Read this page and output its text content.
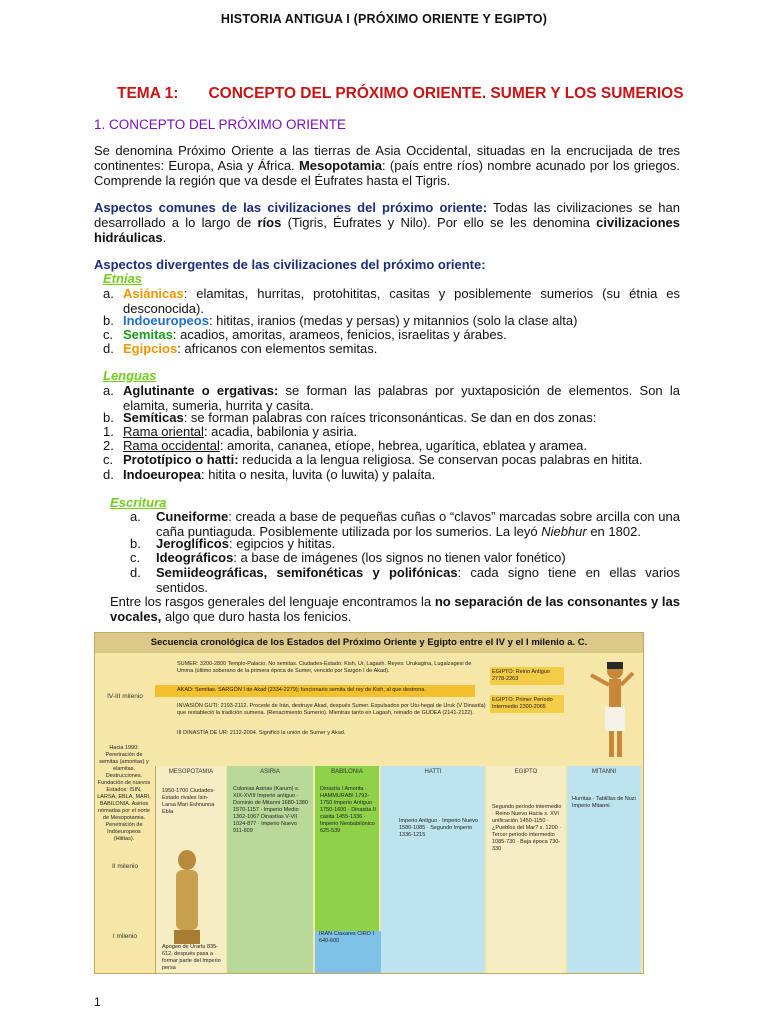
HISTORIA ANTIGUA I (PRÓXIMO ORIENTE Y EGIPTO)
TEMA 1: CONCEPTO DEL PRÓXIMO ORIENTE. SUMER Y LOS SUMERIOS
1. CONCEPTO DEL PRÓXIMO ORIENTE
Se denomina Próximo Oriente a las tierras de Asia Occidental, situadas en la encrucijada de tres continentes: Europa, Asia y África. Mesopotamia: (país entre ríos) nombre acunado por los griegos. Comprende la región que va desde el Éufrates hasta el Tigris.
Aspectos comunes de las civilizaciones del próximo oriente: Todas las civilizaciones se han desarrollado a lo largo de ríos (Tigris, Éufrates y Nilo). Por ello se les denomina civilizaciones hidráulicas.
Aspectos divergentes de las civilizaciones del próximo oriente:
Etnias
a. Asiánicas: elamitas, hurritas, protohititas, casitas y posiblemente sumerios (su étnia es desconocida).
b. Indoeuropeos: hititas, iranios (medas y persas) y mitannios (solo la clase alta)
c. Semitas: acadios, amoritas, arameos, fenicios, israelitas y árabes.
d. Egipcios: africanos con elementos semitas.
Lenguas
a. Aglutinante o ergativas: se forman las palabras por yuxtaposición de elementos. Son la elamita, sumeria, hurrita y casita.
b. Semíticas: se forman palabras con raíces triconsonánticas. Se dan en dos zonas:
1. Rama oriental: acadia, babilonia y asiria.
2. Rama occidental: amorita, cananea, etíope, hebrea, ugarítica, eblatea y aramea.
c. Prototípico o hatti: reducida a la lengua religiosa. Se conservan pocas palabras en hitita.
d. Indoeuropea: hitita o nesita, luvita (o luwita) y palaíta.
Escritura
a. Cuneiforme: creada a base de pequeñas cuñas o “clavos” marcadas sobre arcilla con una caña puntiaguda. Posiblemente utilizada por los sumerios. La leyó Niebhur en 1802.
b. Jeroglíficos: egipcios y hititas.
c. Ideográficos: a base de imágenes (los signos no tienen valor fonético)
d. Semiideográficas, semifonéticas y polifónicas: cada signo tiene en ellas varios sentidos.
Entre los rasgos generales del lenguaje encontramos la no separación de las consonantes y las vocales, algo que duro hasta los fenicios.
Secuencia cronológica de los Estados del Próximo Oriente y Egipto entre el IV y el I milenio a. C.
IV-III milenio
SUMER: 3200-2800 Templo-Palacio. No semitas. Ciudades-Estado: Kish, Ur, Lagash. Reyes: Urukagina, Lugalzagesi de Umma (último soberano de la primera época de Sumer, vencido por Sargón I de Akad).
AKAD: Semitas. SARGÓN I de Akad (2334-2279); funcionario semita del rey de Kish, al que destrona.
INVASIÓN GUTI: 2193-2112. Procede de Irán, destruye Akad, después Sumer. Expulsados por Utu-hegal de Uruk (V Dinastía) que restableció la tradición sumeria. (Renacimiento Sumerio). Mientras tanto en Lagash, reinado de GUDEA (2141-2122).
III DINASTÍA DE UR: 2112-2004. Significó la unión de Sumer y Akad.
EGIPTO: Reino Antiguo 2778-2263
EGIPTO: Primer Período Intermedio 2300-2065
Hacia 1990: Penetración de semitas (amoritas) y elamitas. Destrucciones. Fundación de nuevos Estados: ISIN, LARSA, EBLA, MARI, BABILONIA. Asirios nómadas por el norte de Mesopotamia. Penetración de Indoeuropeos (Hititas).
II milenio
I milenio
MESOPOTAMIA
1950-1700 Ciudades-Estado rivales Isin-Larsa Mari Eshnunna Ebla
Apogeo de Urartu 835-612, después pasa a formar parte del Imperio persa
ASIRIA
Colonias Asirias (Karum) s. XIX-XVIII Imperio antiguo · Dominio de Mitanni 1680-1380 1570-1157 · Imperio Medio 1362-1067 Dinastías V-VII 1024-877 · Imperio Nuevo 911-609
BABILONIA
Dinastía I Amorita · HAMMURABI 1792-1750 Imperio Antiguo 1750-1600 · Dinastía II casita 1455-1336 · Imperio Neobabilónico 625-539
IRÁN Cíaxares CIRO I 640-600
HATTI
Imperio Antiguo · Imperio Nuevo 1580-1085 · Segundo Imperio 1336-1215
EGIPTO
Segundo período intermedio · Reino Nuevo Hacia s. XVI unificación 1450-1150 · ¿Pueblos del Mar? s. 1200 · Tercer período intermedio 1085-730 · Baja época 730-330
MITANNI
Hurritas · Tablillas de Nuzi Imperio Mitanni
1
